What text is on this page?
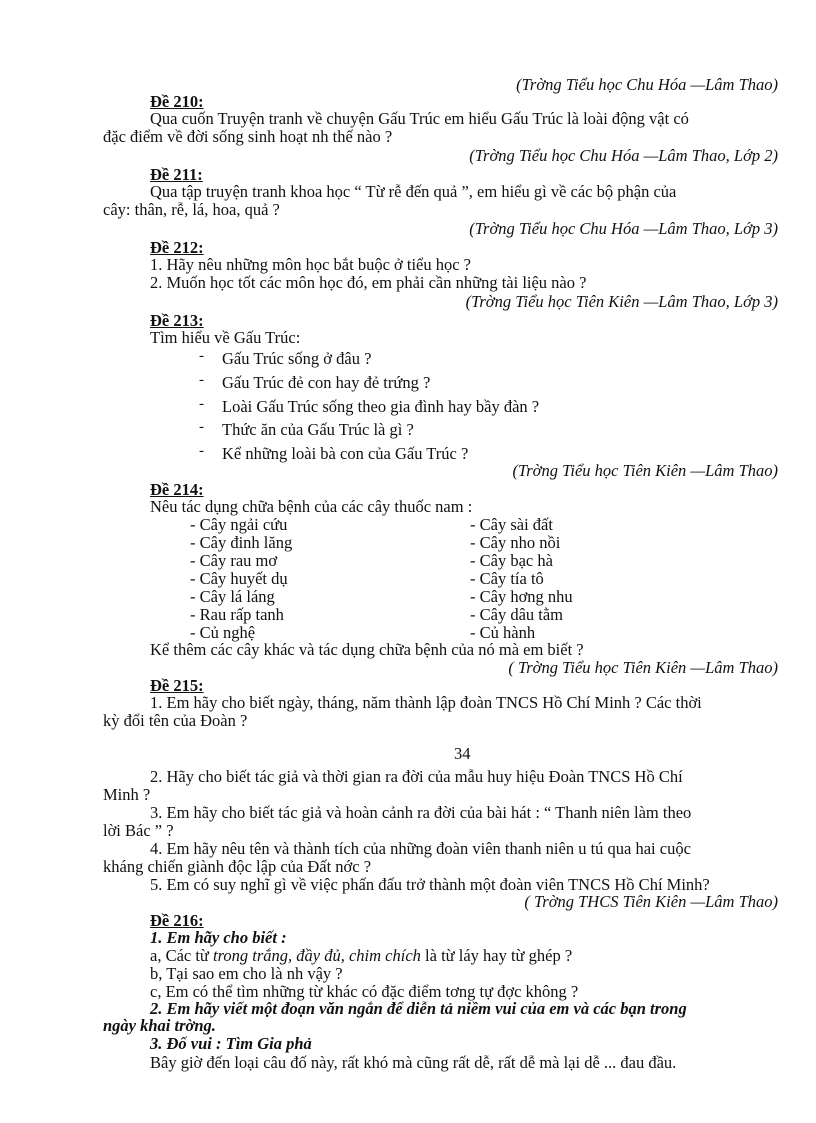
(Trờng Tiểu học Chu Hóa —Lâm Thao)
Đề 210:
Qua cuốn Truyện tranh về chuyện Gấu Trúc em hiểu Gấu Trúc là loài động vật có
đặc điểm về đời sống sinh hoạt nh thế nào ?
(Trờng Tiểu học Chu Hóa —Lâm Thao, Lớp 2)
Đề 211:
Qua tập truyện tranh khoa học “ Từ rễ đến quả ”, em hiểu gì về các bộ phận của
cây: thân, rễ, lá, hoa, quả ?
(Trờng Tiểu học Chu Hóa —Lâm Thao, Lớp 3)
Đề 212:
1. Hãy nêu những môn học bắt buộc ở tiểu học ?
2. Muốn học tốt các môn học đó, em phải cần những tài liệu nào ?
(Trờng Tiểu học Tiên Kiên —Lâm Thao, Lớp 3)
Đề 213:
Tìm hiểu về Gấu Trúc:
- Gấu Trúc sống ở đâu ?
- Gấu Trúc đẻ con hay đẻ trứng ?
- Loài Gấu Trúc sống theo gia đình hay bầy đàn ?
- Thức ăn của Gấu Trúc là gì ?
- Kể những loài bà con của Gấu Trúc ?
(Trờng Tiểu học Tiên Kiên —Lâm Thao)
Đề 214:
Nêu tác dụng chữa bệnh của các cây thuốc nam :
- Cây ngải cứu	- Cây sài đất
- Cây đinh lăng	- Cây nho nồi
- Cây rau mơ	- Cây bạc hà
- Cây huyết dụ	- Cây tía tô
- Cây lá láng	- Cây hơng nhu
- Rau rấp tanh	- Cây dâu tằm
- Củ nghệ	- Củ hành
Kể thêm các cây khác và tác dụng chữa bệnh của nó mà em biết ?
( Trờng Tiểu học Tiên Kiên —Lâm Thao)
Đề 215:
1. Em hãy cho biết ngày, tháng, năm thành lập đoàn TNCS Hồ Chí Minh ? Các thời
kỳ đổi tên của Đoàn ?
34
2. Hãy cho biết tác giả và thời gian ra đời của mẫu huy hiệu Đoàn TNCS Hồ Chí
Minh ?
3. Em hãy cho biết tác giả và hoàn cảnh ra đời của bài hát : “ Thanh niên làm theo
lời Bác ” ?
4. Em hãy nêu tên và thành tích của những đoàn viên thanh niên u tú qua hai cuộc
kháng chiến giành độc lập của Đất nớc ?
5. Em có suy nghĩ gì về việc phấn đấu trở thành một đoàn viên TNCS Hồ Chí Minh?
( Trờng THCS Tiên Kiên —Lâm Thao)
Đề 216:
1. Em hãy cho biết :
a, Các từ trong trắng, đầy đủ, chim chích là từ láy hay từ ghép ?
b, Tại sao em cho là nh vậy ?
c, Em có thể tìm những từ khác có đặc điểm tơng tự đợc không ?
2. Em hãy viết một đoạn văn ngắn để diễn tả niềm vui của em và các bạn trong
ngày khai trờng.
3. Đố vui : Tìm Gia phả
Bây giờ đến loại câu đố này, rất khó mà cũng rất dễ, rất dễ mà lại dễ ... đau đầu.
